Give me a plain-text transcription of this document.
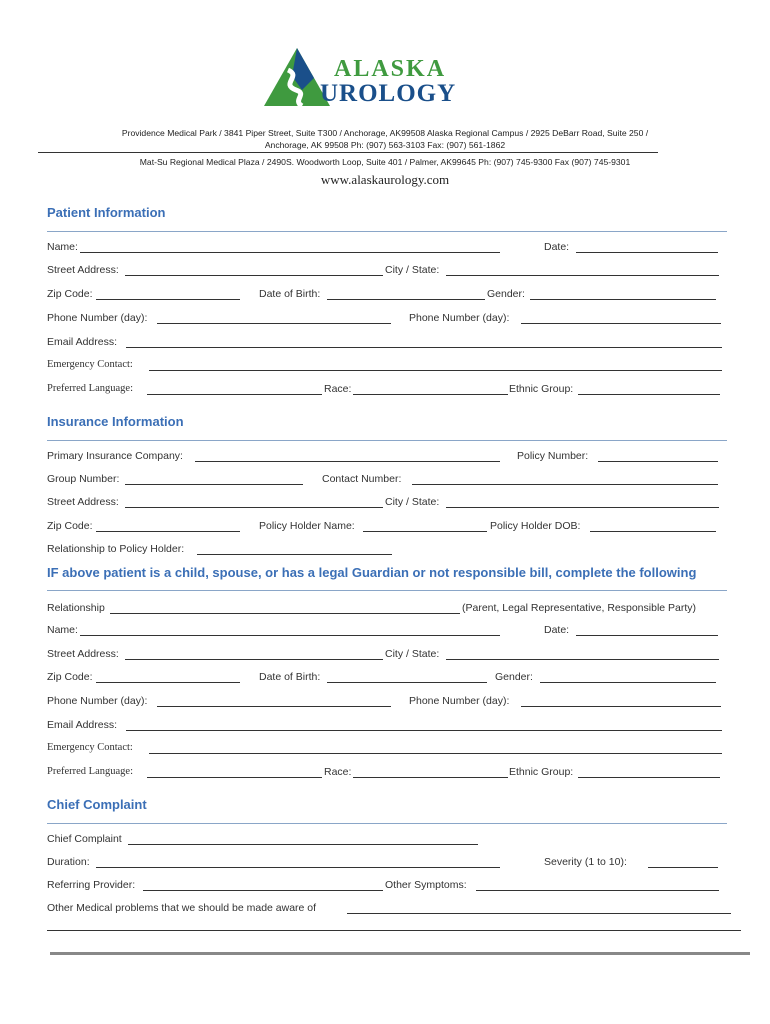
ALASKA
UROLOGY
Providence Medical Park / 3841 Piper Street, Suite T300 / Anchorage, AK99508 Alaska Regional Campus / 2925 DeBarr Road, Suite 250 /
Anchorage, AK 99508 Ph: (907) 563-3103 Fax: (907) 561-1862
Mat-Su Regional Medical Plaza / 2490S. Woodworth Loop, Suite 401 / Palmer, AK99645 Ph: (907) 745-9300 Fax (907) 745-9301
www.alaskaurology.com
Patient Information
Name:	Date:
Street Address:	City / State:
Zip Code:	Date of Birth:	Gender:
Phone Number (day):	Phone Number (day):
Email Address:
Emergency Contact:
Preferred Language:	Race:	Ethnic Group:
Insurance Information
Primary Insurance Company:	Policy Number:
Group Number:	Contact Number:
Street Address:	City / State:
Zip Code:	Policy Holder Name:	Policy Holder DOB:
Relationship to Policy Holder:
IF above patient is a child, spouse, or has a legal Guardian or not responsible bill, complete the following
Relationship	(Parent, Legal Representative, Responsible Party)
Name:	Date:
Street Address:	City / State:
Zip Code:	Date of Birth:	Gender:
Phone Number (day):	Phone Number (day):
Email Address:
Emergency Contact:
Preferred Language:	Race:	Ethnic Group:
Chief Complaint
Chief Complaint
Duration:	Severity (1 to 10):
Referring Provider:	Other Symptoms:
Other Medical problems that we should be made aware of
